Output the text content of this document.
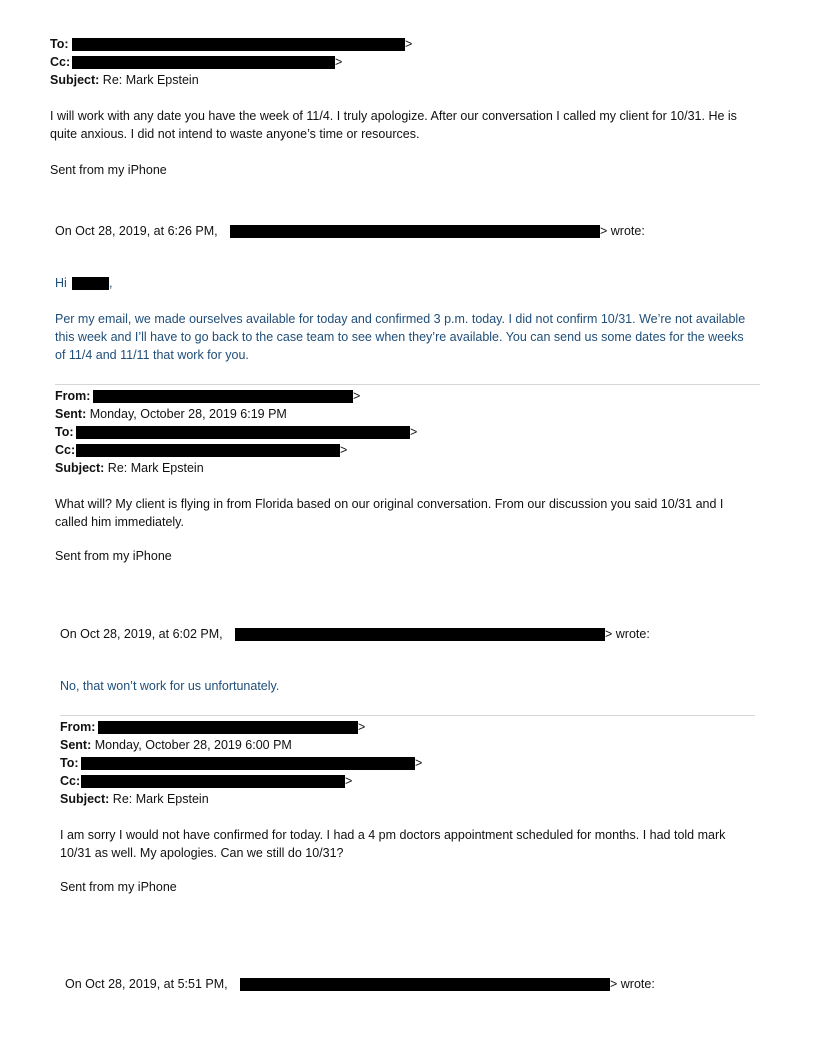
To:	>
Cc:	>
Subject: Re: Mark Epstein
I will work with any date you have the week of 11/4. I truly apologize. After our conversation I called my client for 10/31. He is quite anxious. I did not intend to waste anyone’s time or resources.
Sent from my iPhone
On Oct 28, 2019, at 6:26 PM,	> wrote:
Hi	,
Per my email, we made ourselves available for today and confirmed 3 p.m. today. I did not confirm 10/31. We’re not available this week and I’ll have to go back to the case team to see when they’re available. You can send us some dates for the weeks of 11/4 and 11/11 that work for you.
From:	>
Sent: Monday, October 28, 2019 6:19 PM
To:	>
Cc:	>
Subject: Re: Mark Epstein
What will? My client is flying in from Florida based on our original conversation. From our discussion you said 10/31 and I called him immediately.
Sent from my iPhone
On Oct 28, 2019, at 6:02 PM,	> wrote:
No, that won’t work for us unfortunately.
From:	>
Sent: Monday, October 28, 2019 6:00 PM
To:	>
Cc:	>
Subject: Re: Mark Epstein
I am sorry I would not have confirmed for today. I had a 4 pm doctors appointment scheduled for months. I had told mark 10/31 as well. My apologies. Can we still do 10/31?
Sent from my iPhone
On Oct 28, 2019, at 5:51 PM,	> wrote:
